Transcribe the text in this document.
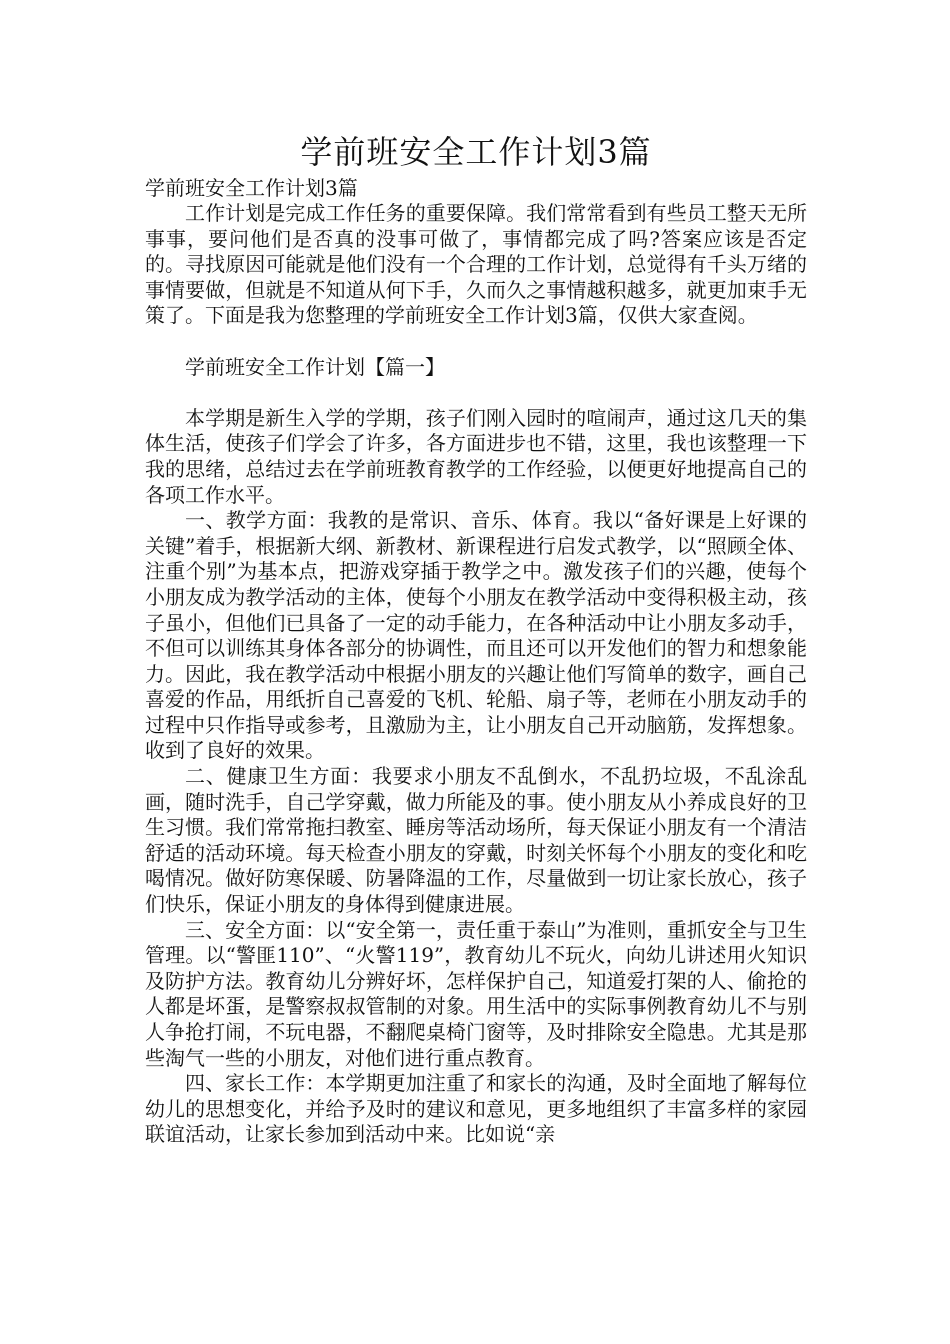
学前班安全工作计划3篇

学前班安全工作计划3篇

工作计划是完成工作任务的重要保障。我们常常看到有些员工整天无所事事，要问他们是否真的没事可做了，事情都完成了吗?答案应该是否定的。寻找原因可能就是他们没有一个合理的工作计划，总觉得有千头万绪的事情要做，但就是不知道从何下手，久而久之事情越积越多，就更加束手无策了。下面是我为您整理的学前班安全工作计划3篇，仅供大家查阅。

学前班安全工作计划【篇一】

本学期是新生入学的学期，孩子们刚入园时的喧闹声，通过这几天的集体生活，使孩子们学会了许多，各方面进步也不错，这里，我也该整理一下我的思绪，总结过去在学前班教育教学的工作经验，以便更好地提高自己的各项工作水平。

一、教学方面：我教的是常识、音乐、体育。我以“备好课是上好课的关键”着手，根据新大纲、新教材、新课程进行启发式教学，以“照顾全体、注重个别”为基本点，把游戏穿插于教学之中。激发孩子们的兴趣，使每个小朋友成为教学活动的主体，使每个小朋友在教学活动中变得积极主动，孩子虽小，但他们已具备了一定的动手能力，在各种活动中让小朋友多动手，不但可以训练其身体各部分的协调性，而且还可以开发他们的智力和想象能力。因此，我在教学活动中根据小朋友的兴趣让他们写简单的数字，画自己喜爱的作品，用纸折自己喜爱的飞机、轮船、扇子等，老师在小朋友动手的过程中只作指导或参考，且激励为主，让小朋友自己开动脑筋，发挥想象。收到了良好的效果。

二、健康卫生方面：我要求小朋友不乱倒水，不乱扔垃圾，不乱涂乱画，随时洗手，自己学穿戴，做力所能及的事。使小朋友从小养成良好的卫生习惯。我们常常拖扫教室、睡房等活动场所，每天保证小朋友有一个清洁舒适的活动环境。每天检查小朋友的穿戴，时刻关怀每个小朋友的变化和吃喝情况。做好防寒保暖、防暑降温的工作，尽量做到一切让家长放心，孩子们快乐，保证小朋友的身体得到健康进展。

三、安全方面：以“安全第一，责任重于泰山”为准则，重抓安全与卫生管理。以“警匪110”、“火警119”，教育幼儿不玩火，向幼儿讲述用火知识及防护方法。教育幼儿分辨好坏，怎样保护自己，知道爱打架的人、偷抢的人都是坏蛋，是警察叔叔管制的对象。用生活中的实际事例教育幼儿不与别人争抢打闹，不玩电器，不翻爬桌椅门窗等，及时排除安全隐患。尤其是那些淘气一些的小朋友，对他们进行重点教育。

四、家长工作：本学期更加注重了和家长的沟通，及时全面地了解每位幼儿的思想变化，并给予及时的建议和意见，更多地组织了丰富多样的家园联谊活动，让家长参加到活动中来。比如说“亲
